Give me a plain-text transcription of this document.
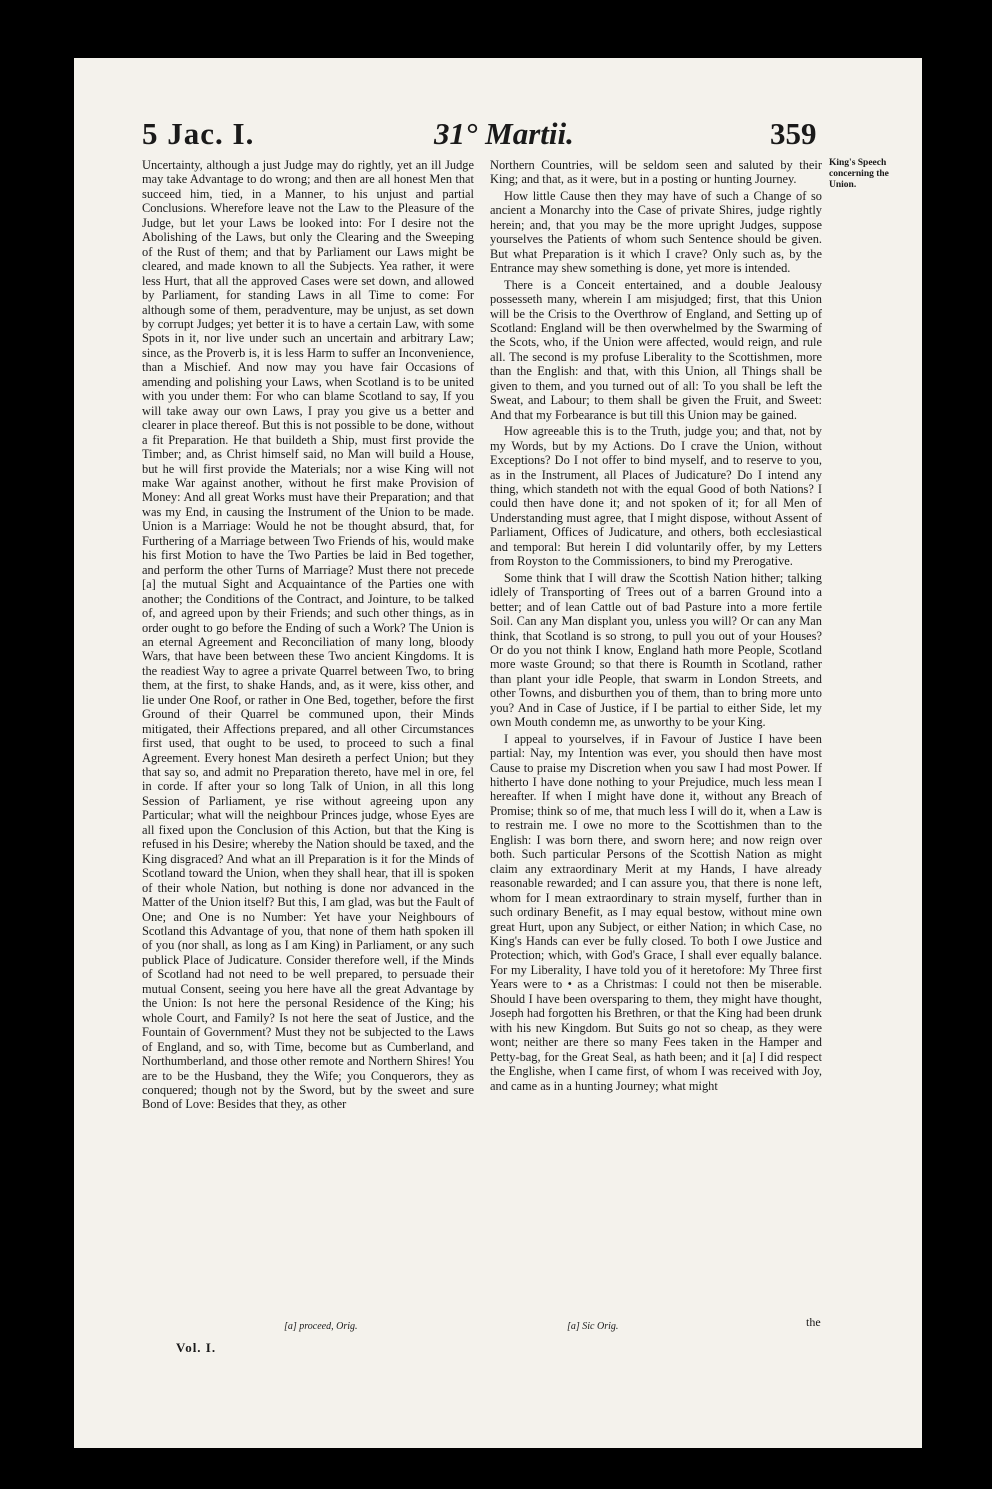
5 Jac. I.	31° Martii.	359

Uncertainty, although a just Judge may do rightly, yet an ill Judge may take Advantage to do wrong; and then are all honest Men that succeed him, tied, in a Manner, to his unjust and partial Conclusions. Wherefore leave not the Law to the Pleasure of the Judge, but let your Laws be looked into: For I desire not the Abolishing of the Laws, but only the Clearing and the Sweeping of the Rust of them; and that by Parliament our Laws might be cleared, and made known to all the Subjects. Yea rather, it were less Hurt, that all the approved Cases were set down, and allowed by Parliament, for standing Laws in all Time to come: For although some of them, peradventure, may be unjust, as set down by corrupt Judges; yet better it is to have a certain Law, with some Spots in it, nor live under such an uncertain and arbitrary Law; since, as the Proverb is, it is less Harm to suffer an Inconvenience, than a Mischief. And now may you have fair Occasions of amending and polishing your Laws, when Scotland is to be united with you under them: For who can blame Scotland to say, If you will take away our own Laws, I pray you give us a better and clearer in place thereof. But this is not possible to be done, without a fit Preparation. He that buildeth a Ship, must first provide the Timber; and, as Christ himself said, no Man will build a House, but he will first provide the Materials; nor a wise King will not make War against another, without he first make Provision of Money: And all great Works must have their Preparation; and that was my End, in causing the Instrument of the Union to be made. Union is a Marriage: Would he not be thought absurd, that, for Furthering of a Marriage between Two Friends of his, would make his first Motion to have the Two Parties be laid in Bed together, and perform the other Turns of Marriage? Must there not precede [a] the mutual Sight and Acquaintance of the Parties one with another; the Conditions of the Contract, and Jointure, to be talked of, and agreed upon by their Friends; and such other things, as in order ought to go before the Ending of such a Work? The Union is an eternal Agreement and Reconciliation of many long, bloody Wars, that have been between these Two ancient Kingdoms. It is the readiest Way to agree a private Quarrel between Two, to bring them, at the first, to shake Hands, and, as it were, kiss other, and lie under One Roof, or rather in One Bed, together, before the first Ground of their Quarrel be communed upon, their Minds mitigated, their Affections prepared, and all other Circumstances first used, that ought to be used, to proceed to such a final Agreement. Every honest Man desireth a perfect Union; but they that say so, and admit no Preparation thereto, have mel in ore, fel in corde. If after your so long Talk of Union, in all this long Session of Parliament, ye rise without agreeing upon any Particular; what will the neighbour Princes judge, whose Eyes are all fixed upon the Conclusion of this Action, but that the King is refused in his Desire; whereby the Nation should be taxed, and the King disgraced? And what an ill Preparation is it for the Minds of Scotland toward the Union, when they shall hear, that ill is spoken of their whole Nation, but nothing is done nor advanced in the Matter of the Union itself? But this, I am glad, was but the Fault of One; and One is no Number: Yet have your Neighbours of Scotland this Advantage of you, that none of them hath spoken ill of you (nor shall, as long as I am King) in Parliament, or any such publick Place of Judicature. Consider therefore well, if the Minds of Scotland had not need to be well prepared, to persuade their mutual Consent, seeing you here have all the great Advantage by the Union: Is not here the personal Residence of the King; his whole Court, and Family? Is not here the seat of Justice, and the Fountain of Government? Must they not be subjected to the Laws of England, and so, with Time, become but as Cumberland, and Northumberland, and those other remote and Northern Shires! You are to be the Husband, they the Wife; you Conquerors, they as conquered; though not by the Sword, but by the sweet and sure Bond of Love: Besides that they, as other

Northern Countries, will be seldom seen and saluted by their King; and that, as it were, but in a posting or hunting Journey.

How little Cause then they may have of such a Change of so ancient a Monarchy into the Case of private Shires, judge rightly herein; and, that you may be the more upright Judges, suppose yourselves the Patients of whom such Sentence should be given. But what Preparation is it which I crave? Only such as, by the Entrance may shew something is done, yet more is intended.

There is a Conceit entertained, and a double Jealousy possesseth many, wherein I am misjudged; first, that this Union will be the Crisis to the Overthrow of England, and Setting up of Scotland: England will be then overwhelmed by the Swarming of the Scots, who, if the Union were affected, would reign, and rule all. The second is my profuse Liberality to the Scottishmen, more than the English: and that, with this Union, all Things shall be given to them, and you turned out of all: To you shall be left the Sweat, and Labour; to them shall be given the Fruit, and Sweet: And that my Forbearance is but till this Union may be gained.

How agreeable this is to the Truth, judge you; and that, not by my Words, but by my Actions. Do I crave the Union, without Exceptions? Do I not offer to bind myself, and to reserve to you, as in the Instrument, all Places of Judicature? Do I intend any thing, which standeth not with the equal Good of both Nations? I could then have done it; and not spoken of it; for all Men of Understanding must agree, that I might dispose, without Assent of Parliament, Offices of Judicature, and others, both ecclesiastical and temporal: But herein I did voluntarily offer, by my Letters from Royston to the Commissioners, to bind my Prerogative.

Some think that I will draw the Scottish Nation hither; talking idlely of Transporting of Trees out of a barren Ground into a better; and of lean Cattle out of bad Pasture into a more fertile Soil. Can any Man displant you, unless you will? Or can any Man think, that Scotland is so strong, to pull you out of your Houses? Or do you not think I know, England hath more People, Scotland more waste Ground; so that there is Roumth in Scotland, rather than plant your idle People, that swarm in London Streets, and other Towns, and disburthen you of them, than to bring more unto you? And in Case of Justice, if I be partial to either Side, let my own Mouth condemn me, as unworthy to be your King.

I appeal to yourselves, if in Favour of Justice I have been partial: Nay, my Intention was ever, you should then have most Cause to praise my Discretion when you saw I had most Power. If hitherto I have done nothing to your Prejudice, much less mean I hereafter. If when I might have done it, without any Breach of Promise; think so of me, that much less I will do it, when a Law is to restrain me. I owe no more to the Scottishmen than to the English: I was born there, and sworn here; and now reign over both. Such particular Persons of the Scottish Nation as might claim any extraordinary Merit at my Hands, I have already reasonable rewarded; and I can assure you, that there is none left, whom for I mean extraordinary to strain myself, further than in such ordinary Benefit, as I may equal bestow, without mine own great Hurt, upon any Subject, or either Nation; in which Case, no King's Hands can ever be fully closed. To both I owe Justice and Protection; which, with God's Grace, I shall ever equally balance. For my Liberality, I have told you of it heretofore: My Three first Years were to • as a Christmas: I could not then be miserable. Should I have been oversparing to them, they might have thought, Joseph had forgotten his Brethren, or that the King had been drunk with his new Kingdom. But Suits go not so cheap, as they were wont; neither are there so many Fees taken in the Hamper and Petty-bag, for the Great Seal, as hath been; and it [a] I did respect the Englishe, when I came first, of whom I was received with Joy, and came as in a hunting Journey; what might

King's Speech concerning the Union.
[a] proceed, Orig.	[a] Sic Orig.	the
Vol. I.
